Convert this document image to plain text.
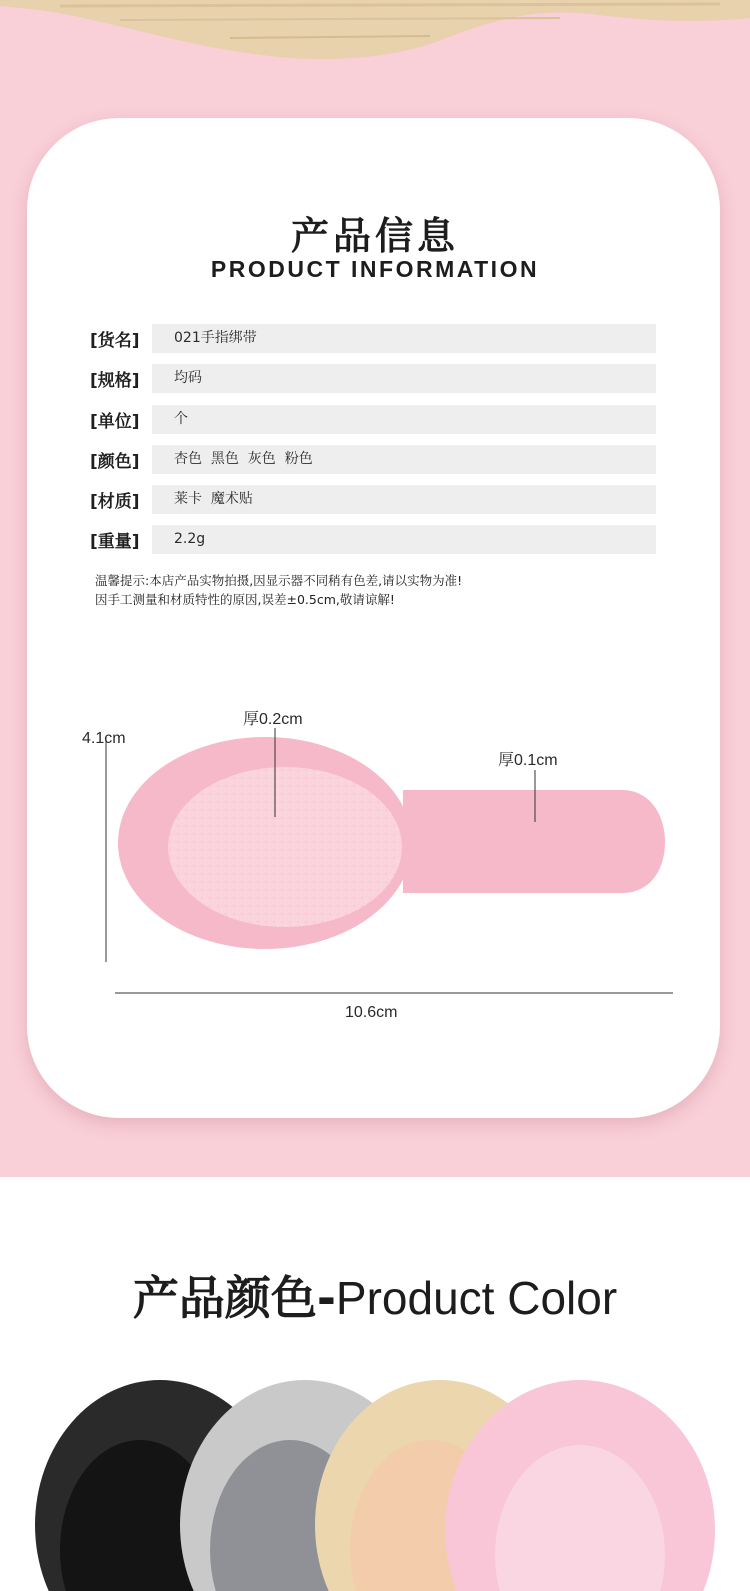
产品信息
PRODUCT INFORMATION
[货名]	021手指绑带
[规格]	均码
[单位]	个
[颜色]	杏色  黑色  灰色  粉色
[材质]	莱卡  魔术贴
[重量]	2.2g
温馨提示:本店产品实物拍摄,因显示器不同稍有色差,请以实物为准!
因手工测量和材质特性的原因,误差±0.5cm,敬请谅解!
4.1cm
厚0.2cm
厚0.1cm
10.6cm
产品颜色-Product Color
